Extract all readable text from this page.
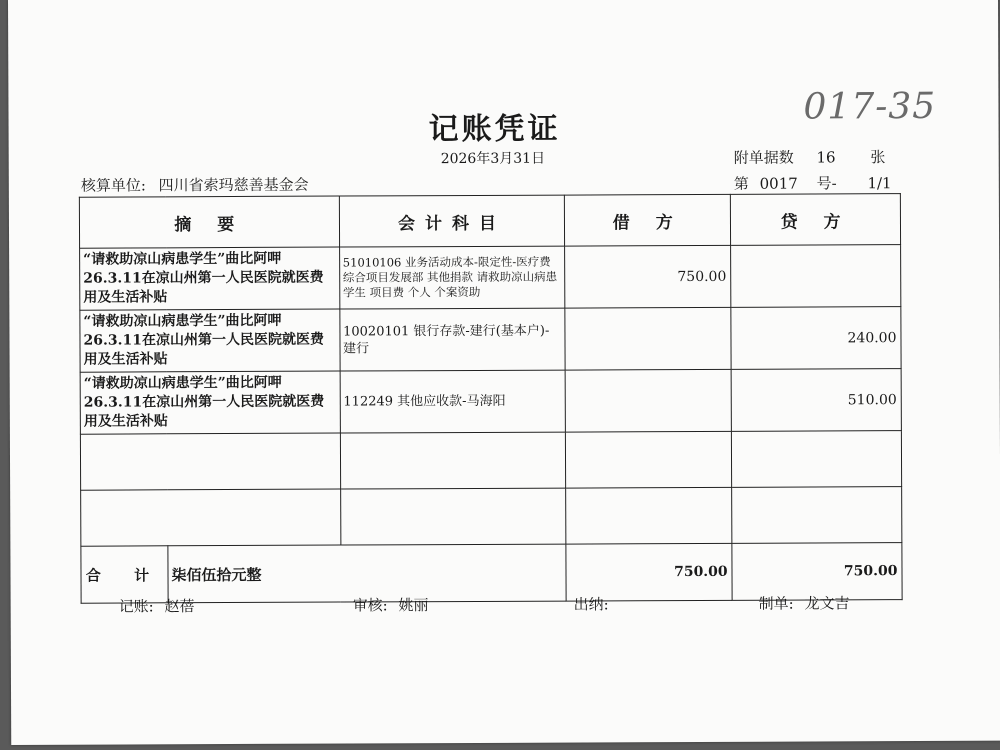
记账凭证
017-35
2026年3月31日	附单据数 16 张
核算单位: 四川省索玛慈善基金会	第 0017 号- 1/1
摘 要		会计科目	借 方	贷 方
“请救助凉山病患学生”曲比阿呷26.3.11在凉山州第一人民医院就医费用及生活补贴		51010106 业务活动成本-限定性-医疗费 综合项目发展部 其他捐款 请救助凉山病患学生 项目费 个人 个案资助	750.00	
“请救助凉山病患学生”曲比阿呷26.3.11在凉山州第一人民医院就医费用及生活补贴		10020101 银行存款-建行(基本户)-建行		240.00
“请救助凉山病患学生”曲比阿呷26.3.11在凉山州第一人民医院就医费用及生活补贴		112249 其他应收款-马海阳		510.00

合 计	柒佰伍拾元整		750.00	750.00
记账: 赵蓓	审核: 姚丽	出纳:	制单: 龙文吉
